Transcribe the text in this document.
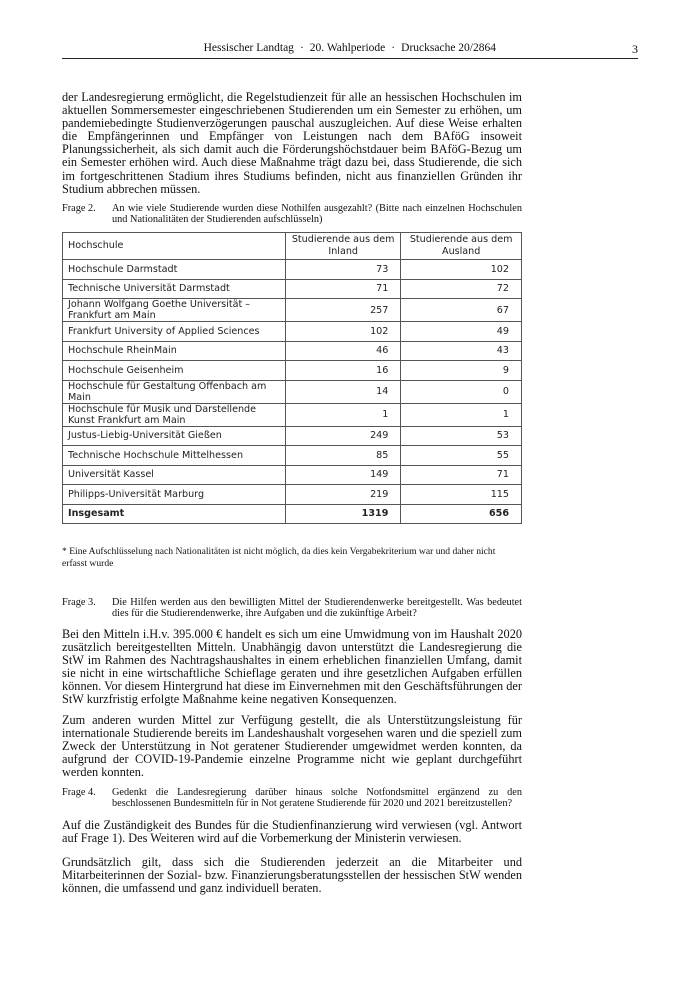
Hessischer Landtag · 20. Wahlperiode · Drucksache 20/2864	3

der Landesregierung ermöglicht, die Regelstudienzeit für alle an hessischen Hochschulen im aktuellen Sommersemester eingeschriebenen Studierenden um ein Semester zu erhöhen, um pandemiebedingte Studienverzögerungen pauschal auszugleichen. Auf diese Weise erhalten die Empfängerinnen und Empfänger von Leistungen nach dem BAföG insoweit Planungssicherheit, als sich damit auch die Förderungshöchstdauer beim BAföG-Bezug um ein Semester erhöhen wird. Auch diese Maßnahme trägt dazu bei, dass Studierende, die sich im fortgeschrittenen Stadium ihres Studiums befinden, nicht aus finanziellen Gründen ihr Studium abbrechen müssen.

Frage 2. An wie viele Studierende wurden diese Nothilfen ausgezahlt? (Bitte nach einzelnen Hochschulen und Nationalitäten der Studierenden aufschlüsseln)
Hochschule	Studierende aus dem Inland	Studierende aus dem Ausland
Hochschule Darmstadt	73	102
Technische Universität Darmstadt	71	72
Johann Wolfgang Goethe Universität – Frankfurt am Main	257	67
Frankfurt University of Applied Sciences	102	49
Hochschule RheinMain	46	43
Hochschule Geisenheim	16	9
Hochschule für Gestaltung Offenbach am Main	14	0
Hochschule für Musik und Darstellende Kunst Frankfurt am Main	1	1
Justus-Liebig-Universität Gießen	249	53
Technische Hochschule Mittelhessen	85	55
Universität Kassel	149	71
Philipps-Universität Marburg	219	115
Insgesamt	1319	656
* Eine Aufschlüsselung nach Nationalitäten ist nicht möglich, da dies kein Vergabekriterium war und daher nicht erfasst wurde
Frage 3. Die Hilfen werden aus den bewilligten Mittel der Studierendenwerke bereitgestellt. Was bedeutet dies für die Studierendenwerke, ihre Aufgaben und die zukünftige Arbeit?

Bei den Mitteln i.H.v. 395.000 € handelt es sich um eine Umwidmung von im Haushalt 2020 zusätzlich bereitgestellten Mitteln. Unabhängig davon unterstützt die Landesregierung die StW im Rahmen des Nachtragshaushaltes in einem erheblichen finanziellen Umfang, damit sie nicht in eine wirtschaftliche Schieflage geraten und ihre gesetzlichen Aufgaben erfüllen können. Vor diesem Hintergrund hat diese im Einvernehmen mit den Geschäftsführungen der StW kurzfristig erfolgte Maßnahme keine negativen Konsequenzen.

Zum anderen wurden Mittel zur Verfügung gestellt, die als Unterstützungsleistung für internationale Studierende bereits im Landeshaushalt vorgesehen waren und die speziell zum Zweck der Unterstützung in Not geratener Studierender umgewidmet werden konnten, da aufgrund der COVID-19-Pandemie einzelne Programme nicht wie geplant durchgeführt werden konnten.

Frage 4. Gedenkt die Landesregierung darüber hinaus solche Notfondsmittel ergänzend zu den beschlossenen Bundesmitteln für in Not geratene Studierende für 2020 und 2021 bereitzustellen?

Auf die Zuständigkeit des Bundes für die Studienfinanzierung wird verwiesen (vgl. Antwort auf Frage 1). Des Weiteren wird auf die Vorbemerkung der Ministerin verwiesen.

Grundsätzlich gilt, dass sich die Studierenden jederzeit an die Mitarbeiter und Mitarbeiterinnen der Sozial- bzw. Finanzierungsberatungsstellen der hessischen StW wenden können, die umfassend und ganz individuell beraten.
